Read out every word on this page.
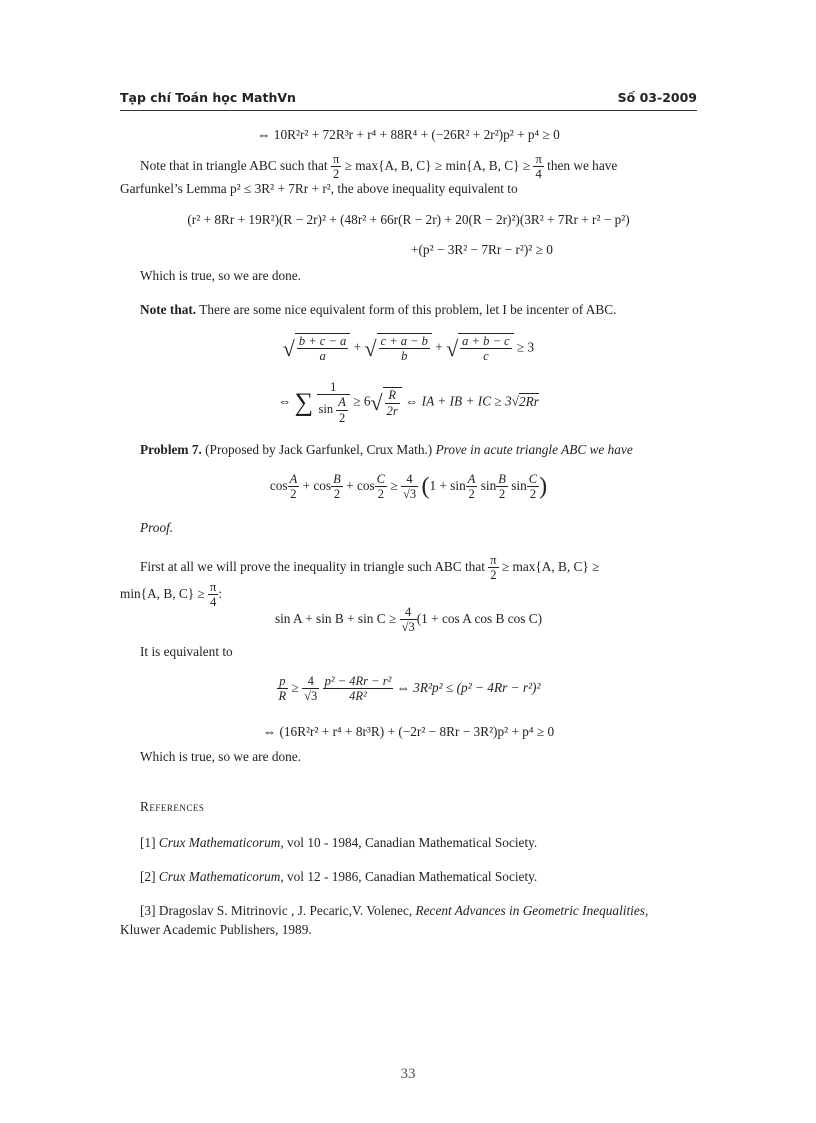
Tạp chí Toán học MathVn	Số 03-2009
⇔ 10R²r² + 72R³r + r⁴ + 88R⁴ + (−26R² + 2r²)p² + p⁴ ≥ 0
Note that in triangle ABC such that $\frac{\pi}{2} \ge \max\{A$, B, C} ≥ min{A, B, $C\} \ge \frac{\pi}{4}$ then we have
Garfunkel’s Lemma p² ≤ 3R² + 7Rr + r², the above inequality equivalent to
(r² + 8Rr + 19R²)(R − 2r)² + (48r² + 66r(R − 2r) + 20(R − 2r)²)(3R² + 7Rr + r² − p²)
+(p² − 3R² − 7Rr − r²)² ≥ 0
Which is true, so we are done.
Note that. There are some nice equivalent form of this problem, let I be incenter of ABC.
√ $\frac{b + c - a}{a}$ + √ $\frac{c + a - b}{b}$ + √ $\frac{a + b - c}{c} \ge 3$
⇔ ∑ $\frac{1}{\sin \frac{A}{2}} \ge 6√ \frac{R}{2r}$ ⇔ IA + IB + IC ≥ 3√2Rr
Problem 7. (Proposed by Jack Garfunkel, Crux Math.) Prove in acute triangle ABC we have
$\cos \frac{A}{2} + \cos \frac{B}{2} + \cos \frac{C}{2} \ge \frac{4}{√3} (1 + \sin \frac{A}{2}$ $\sin \frac{B}{2}$ $\sin \frac{C}{2}$ )
Proof.
First at all we will prove the inequality in triangle such ABC that $\frac{\pi}{2} \ge \max\{A$, B, C} ≥
min{A, B, $C\} \ge \frac{\pi}{4}$ :
$\sin A + \sin B + \sin C \ge \frac{4}{√3} (1 + \cos A$ cos B cos C)
It is equivalent to
$\frac{p}{R} \ge \frac{4}{√3}$
$\frac{\text{p² − 4Rr − r²}}{\text{4R²}}$ ⇔ 3R²p² ≤ (p² − 4Rr − r²)²
⇔ (16R²r² + r⁴ + 8r³R) + (−2r² − 8Rr − 3R²)p² + p⁴ ≥ 0
Which is true, so we are done.
References
[1] Crux Mathematicorum, vol 10 - 1984, Canadian Mathematical Society.
[2] Crux Mathematicorum, vol 12 - 1986, Canadian Mathematical Society.
[3] Dragoslav S. Mitrinovic , J. Pecaric,V. Volenec, Recent Advances in Geometric Inequalities,
Kluwer Academic Publishers, 1989.
33
